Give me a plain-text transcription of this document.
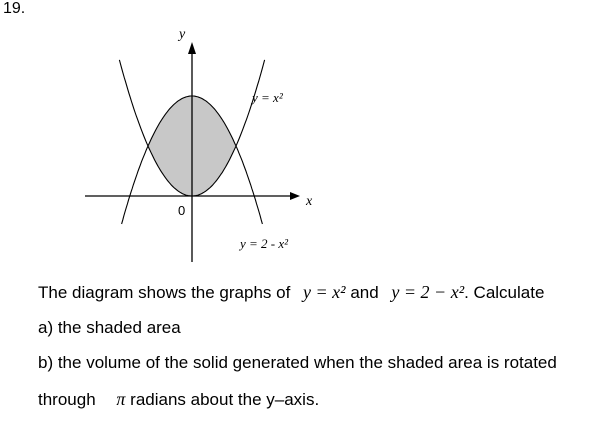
19.
y
x
0
y = x²
y = 2 - x²
The diagram shows the graphs of y = x² and y = 2 − x². Calculate
a) the shaded area
b) the volume of the solid generated when the shaded area is rotated
through π radians about the y–axis.
